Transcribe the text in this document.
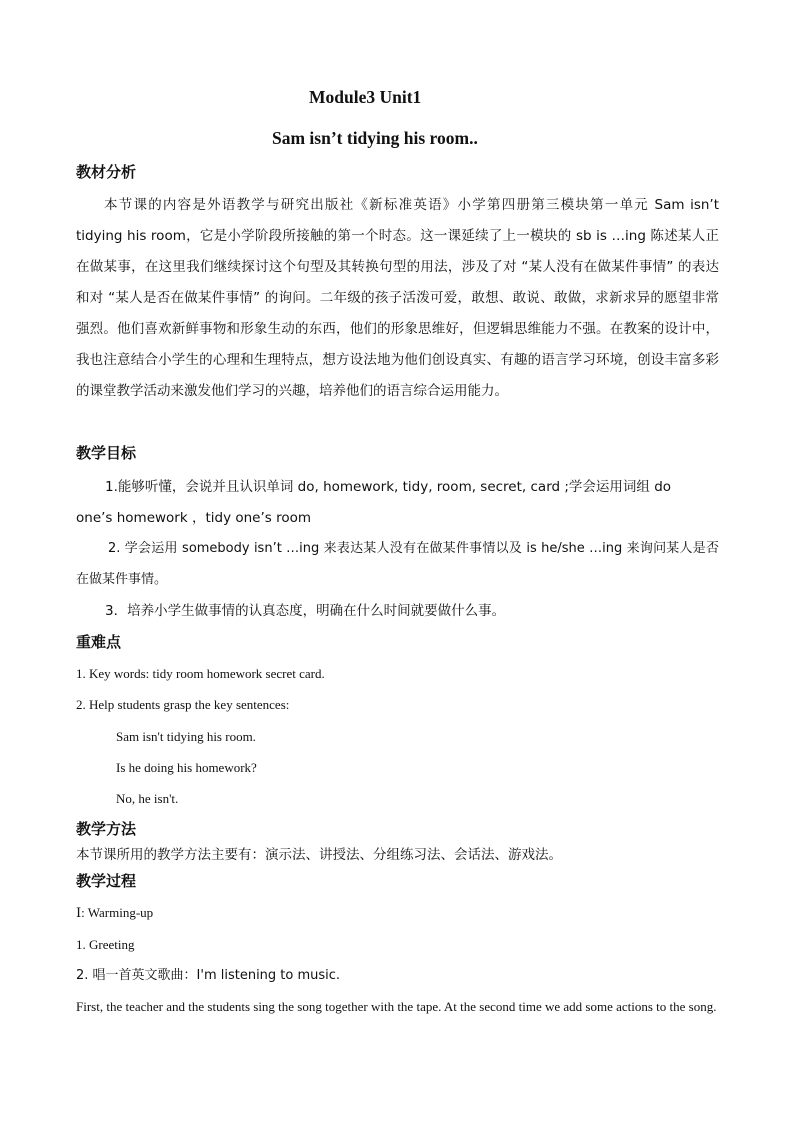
Module3 Unit1
Sam isn’t tidying his room..
教材分析
本节课的内容是外语教学与研究出版社《新标准英语》小学第四册第三模块第一单元 Sam isn’t tidying his room，它是小学阶段所接触的第一个时态。这一课延续了上一模块的 sb is …ing 陈述某人正在做某事，在这里我们继续探讨这个句型及其转换句型的用法，涉及了对 “某人没有在做某件事情” 的表达和对 “某人是否在做某件事情” 的询问。二年级的孩子活泼可爱，敢想、敢说、敢做，求新求异的愿望非常强烈。他们喜欢新鲜事物和形象生动的东西，他们的形象思维好，但逻辑思维能力不强。在教案的设计中，我也注意结合小学生的心理和生理特点，想方设法地为他们创设真实、有趣的语言学习环境，创设丰富多彩的课堂教学活动来激发他们学习的兴趣，培养他们的语言综合运用能力。
教学目标
1.能够听懂，会说并且认识单词 do, homework, tidy, room, secret, card ;学会运用词组 do
one’s homework ，tidy one’s room
2. 学会运用 somebody isn’t …ing 来表达某人没有在做某件事情以及 is he/she …ing 来询问某人是否在做某件事情。
3．培养小学生做事情的认真态度，明确在什么时间就要做什么事。
重难点
1. Key words: tidy room homework secret card.
2. Help students grasp the key sentences:
Sam isn't tidying his room.
Is he doing his homework?
No, he isn't.
教学方法
本节课所用的教学方法主要有：演示法、讲授法、分组练习法、会话法、游戏法。
教学过程
Ⅰ: Warming-up
1. Greeting
2. 唱一首英文歌曲：I'm listening to music.
First, the teacher and the students sing the song together with the tape. At the second time we add some actions to the song.
